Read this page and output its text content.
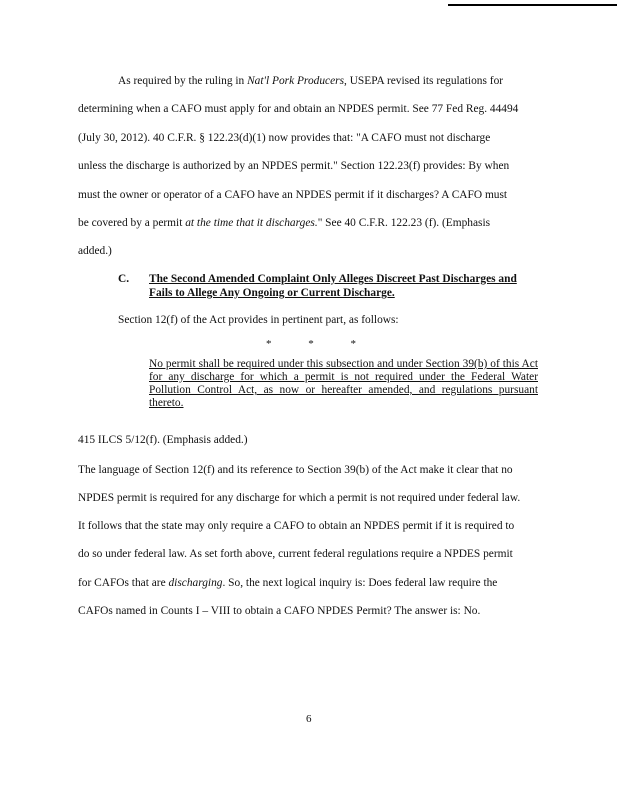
As required by the ruling in Nat'l Pork Producers, USEPA revised its regulations for
determining when a CAFO must apply for and obtain an NPDES permit. See 77 Fed Reg. 44494
(July 30, 2012). 40 C.F.R. § 122.23(d)(1) now provides that: "A CAFO must not discharge
unless the discharge is authorized by an NPDES permit." Section 122.23(f) provides: By when
must the owner or operator of a CAFO have an NPDES permit if it discharges? A CAFO must
be covered by a permit at the time that it discharges." See 40 C.F.R. 122.23 (f). (Emphasis
added.)
C. The Second Amended Complaint Only Alleges Discreet Past Discharges and
Fails to Allege Any Ongoing or Current Discharge.
Section 12(f) of the Act provides in pertinent part, as follows:
*	*	*
No permit shall be required under this subsection and under Section 39(b) of this Act for any discharge for which a permit is not required under the Federal Water Pollution Control Act, as now or hereafter amended, and regulations pursuant thereto.
415 ILCS 5/12(f). (Emphasis added.)
The language of Section 12(f) and its reference to Section 39(b) of the Act make it clear that no
NPDES permit is required for any discharge for which a permit is not required under federal law.
It follows that the state may only require a CAFO to obtain an NPDES permit if it is required to
do so under federal law. As set forth above, current federal regulations require a NPDES permit
for CAFOs that are discharging. So, the next logical inquiry is: Does federal law require the
CAFOs named in Counts I – VIII to obtain a CAFO NPDES Permit? The answer is: No.
6
